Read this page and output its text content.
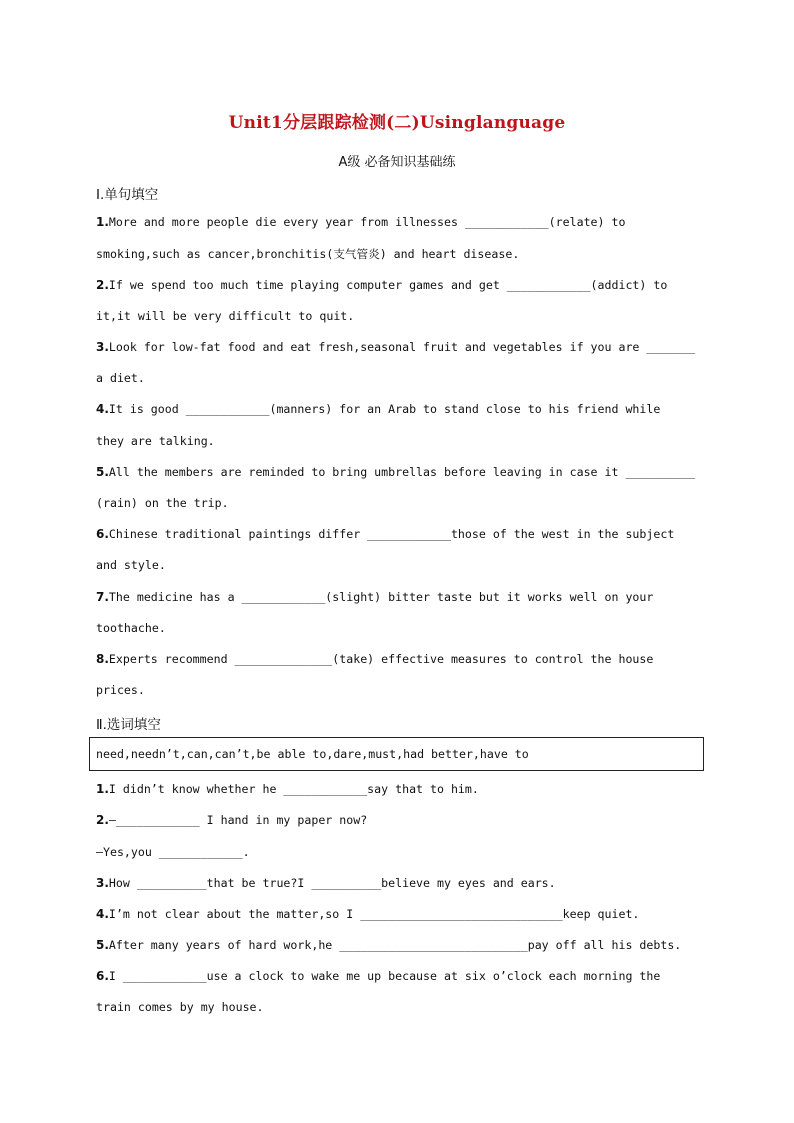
Unit1分层跟踪检测(二)Usinglanguage
A级 必备知识基础练
Ⅰ.单句填空
1.More and more people die every year from illnesses ____________(relate) to
smoking,such as cancer,bronchitis(支气管炎) and heart disease.
2.If we spend too much time playing computer games and get ____________(addict) to
it,it will be very difficult to quit.
3.Look for low-fat food and eat fresh,seasonal fruit and vegetables if you are _______
a diet.
4.It is good ____________(manners) for an Arab to stand close to his friend while
they are talking.
5.All the members are reminded to bring umbrellas before leaving in case it __________
(rain) on the trip.
6.Chinese traditional paintings differ ____________those of the west in the subject
and style.
7.The medicine has a ____________(slight) bitter taste but it works well on your
toothache.
8.Experts recommend ______________(take) effective measures to control the house
prices.
Ⅱ.选词填空
need,needn’t,can,can’t,be able to,dare,must,had better,have to
1.I didn’t know whether he ____________say that to him.
2.—____________ I hand in my paper now?
—Yes,you ____________.
3.How __________that be true?I __________believe my eyes and ears.
4.I’m not clear about the matter,so I _____________________________keep quiet.
5.After many years of hard work,he ___________________________pay off all his debts.
6.I ____________use a clock to wake me up because at six o’clock each morning the
train comes by my house.
